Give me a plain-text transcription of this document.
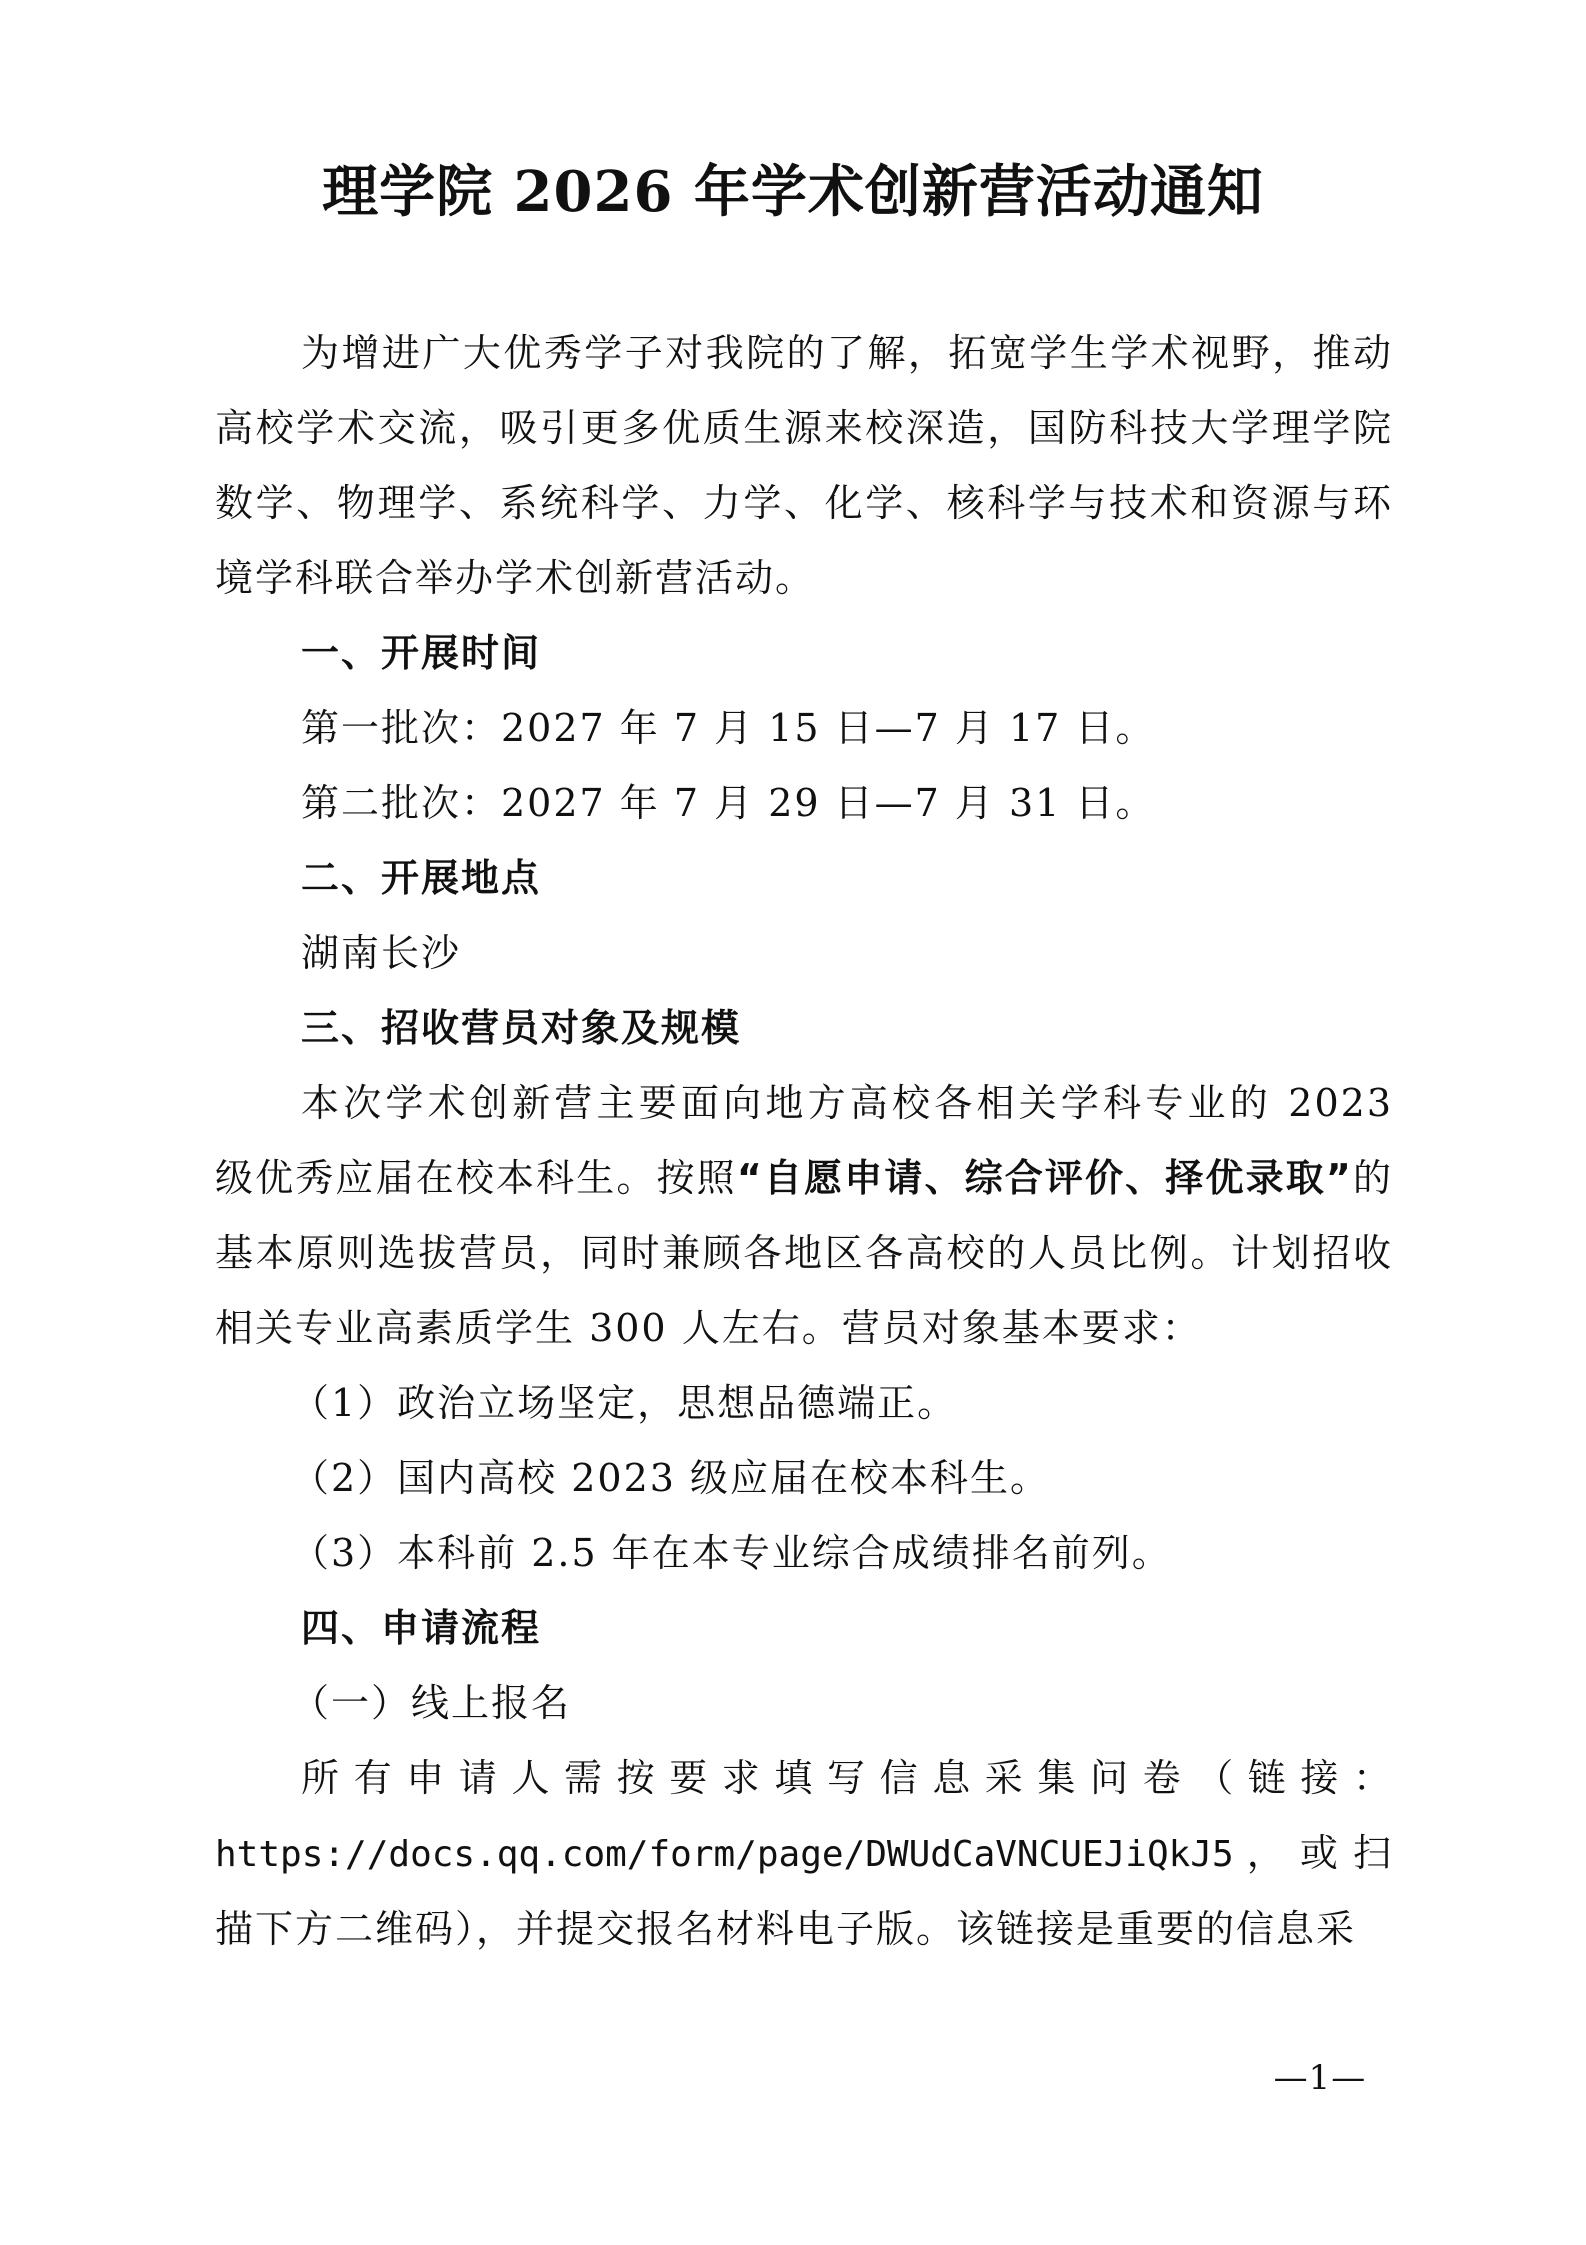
理学院 2026 年学术创新营活动通知

为增进广大优秀学子对我院的了解，拓宽学生学术视野，推动高校学术交流，吸引更多优质生源来校深造，国防科技大学理学院数学、物理学、系统科学、力学、化学、核科学与技术和资源与环境学科联合举办学术创新营活动。

一、开展时间

第一批次：2027 年 7 月 15 日—7 月 17 日。

第二批次：2027 年 7 月 29 日—7 月 31 日。

二、开展地点

湖南长沙

三、招收营员对象及规模

本次学术创新营主要面向地方高校各相关学科专业的 2023 级优秀应届在校本科生。按照“自愿申请、综合评价、择优录取”的基本原则选拔营员，同时兼顾各地区各高校的人员比例。计划招收相关专业高素质学生 300 人左右。营员对象基本要求：

（1）政治立场坚定，思想品德端正。

（2）国内高校 2023 级应届在校本科生。

（3）本科前 2.5 年在本专业综合成绩排名前列。

四、申请流程

（一）线上报名

所有申请人需按要求填写信息采集问卷（链接：https://docs.qq.com/form/page/DWUdCaVNCUEJiQkJ5，或扫描下方二维码），并提交报名材料电子版。该链接是重要的信息采

—1—
